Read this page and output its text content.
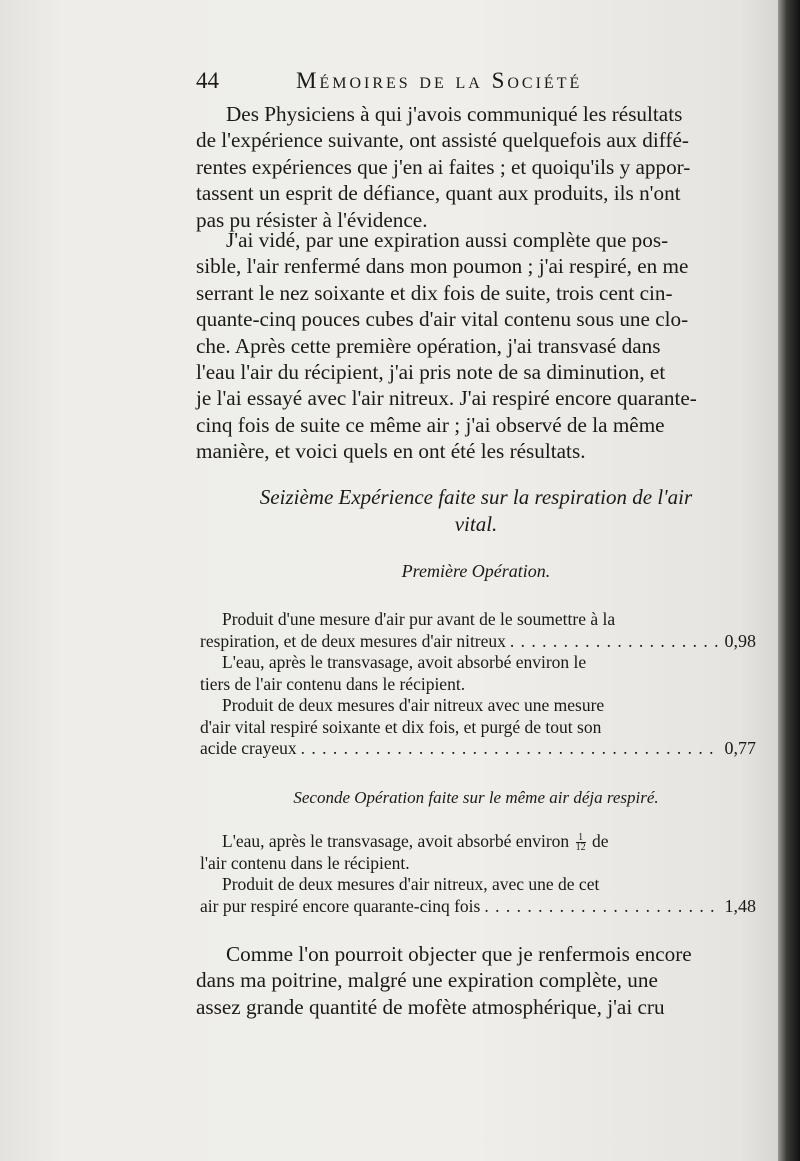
44	Mémoires de la Société
Des Physiciens à qui j'avois communiqué les résultats
de l'expérience suivante, ont assisté quelquefois aux diffé-
rentes expériences que j'en ai faites ; et quoiqu'ils y appor-
tassent un esprit de défiance, quant aux produits, ils n'ont
pas pu résister à l'évidence.
J'ai vidé, par une expiration aussi complète que pos-
sible, l'air renfermé dans mon poumon ; j'ai respiré, en me
serrant le nez soixante et dix fois de suite, trois cent cin-
quante-cinq pouces cubes d'air vital contenu sous une clo-
che. Après cette première opération, j'ai transvasé dans
l'eau l'air du récipient, j'ai pris note de sa diminution, et
je l'ai essayé avec l'air nitreux. J'ai respiré encore quarante-
cinq fois de suite ce même air ; j'ai observé de la même
manière, et voici quels en ont été les résultats.
Seizième Expérience faite sur la respiration de l'air
vital.
Première Opération.
Produit d'une mesure d'air pur avant de le soumettre à la
respiration, et de deux mesures d'air nitreux . . .	0,98
L'eau, après le transvasage, avoit absorbé environ le
tiers de l'air contenu dans le récipient.
Produit de deux mesures d'air nitreux avec une mesure
d'air vital respiré soixante et dix fois, et purgé de tout son
acide crayeux . . .	0,77
Seconde Opération faite sur le même air déja respiré.
L'eau, après le transvasage, avoit absorbé environ $\frac{1}{12}$ de
l'air contenu dans le récipient.
Produit de deux mesures d'air nitreux, avec une de cet
air pur respiré encore quarante-cinq fois . . .	1,48
Comme l'on pourroit objecter que je renfermois encore
dans ma poitrine, malgré une expiration complète, une
assez grande quantité de mofète atmosphérique, j'ai cru
